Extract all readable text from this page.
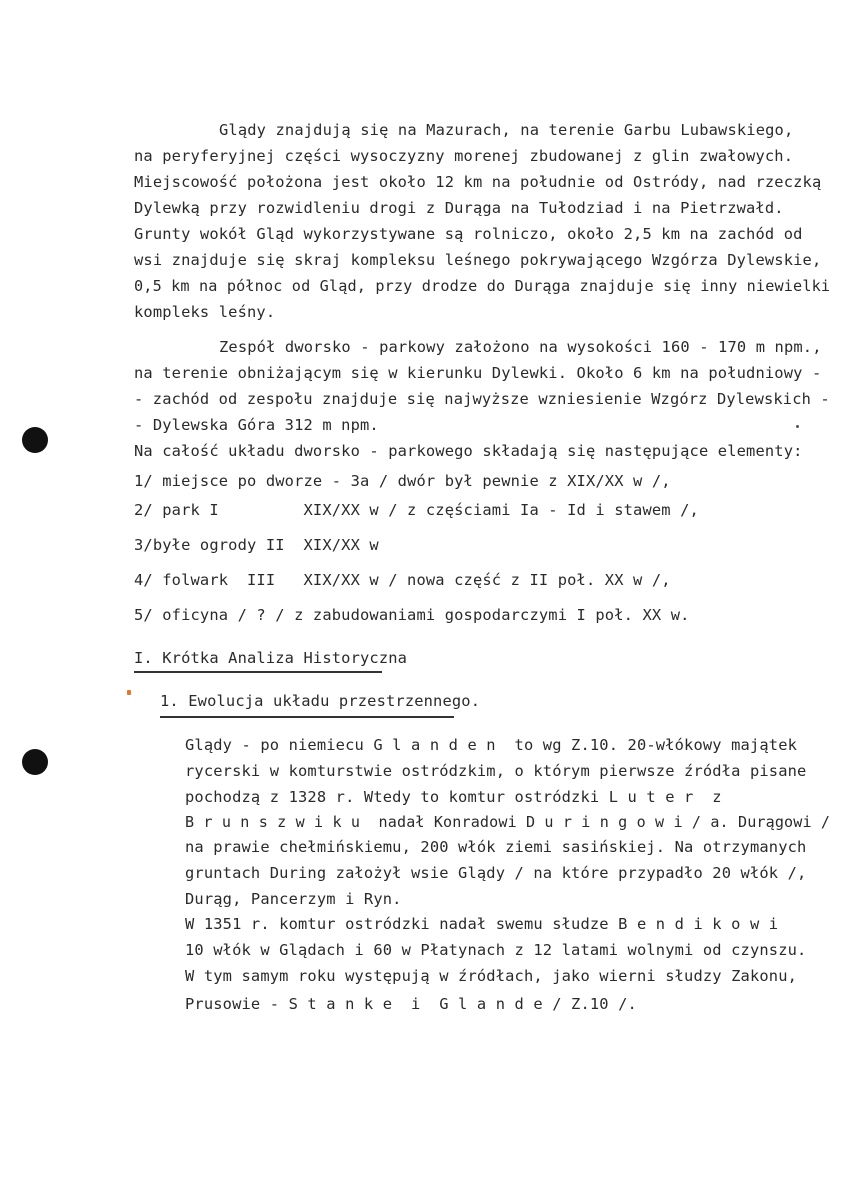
Glądy znajdują się na Mazurach, na terenie Garbu Lubawskiego,
na peryferyjnej części wysoczyzny morenej zbudowanej z glin zwałowych.
Miejscowość położona jest około 12 km na południe od Ostródy, nad rzeczką
Dylewką przy rozwidleniu drogi z Durąga na Tułodziad i na Pietrzwałd.
Grunty wokół Gląd wykorzystywane są rolniczo, około 2,5 km na zachód od
wsi znajduje się skraj kompleksu leśnego pokrywającego Wzgórza Dylewskie,
0,5 km na północ od Gląd, przy drodze do Durąga znajduje się inny niewielki
kompleks leśny.
Zespół dworsko - parkowy założono na wysokości 160 - 170 m npm.,
na terenie obniżającym się w kierunku Dylewki. Około 6 km na południowy -
- zachód od zespołu znajduje się najwyższe wzniesienie Wzgórz Dylewskich -
- Dylewska Góra 312 m npm.
Na całość układu dworsko - parkowego składają się następujące elementy:
1/ miejsce po dworze - 3a / dwór był pewnie z XIX/XX w /,
2/ park I         XIX/XX w / z częściami Ia - Id i stawem /,
3/byłe ogrody II  XIX/XX w
4/ folwark  III   XIX/XX w / nowa część z II poł. XX w /,
5/ oficyna / ? / z zabudowaniami gospodarczymi I poł. XX w.
I. Krótka Analiza Historyczna
1. Ewolucja układu przestrzennego.
Glądy - po niemiecu G l a n d e n  to wg Z.10. 20-włókowy majątek
rycerski w komturstwie ostródzkim, o którym pierwsze źródła pisane
pochodzą z 1328 r. Wtedy to komtur ostródzki L u t e r  z
B r u n s z w i k u  nadał Konradowi D u r i n g o w i / a. Durągowi /
na prawie chełmińskiemu, 200 włók ziemi sasińskiej. Na otrzymanych
gruntach During założył wsie Glądy / na które przypadło 20 włók /,
Durąg, Pancerzym i Ryn.
W 1351 r. komtur ostródzki nadał swemu słudze B e n d i k o w i
10 włók w Glądach i 60 w Płatynach z 12 latami wolnymi od czynszu.
W tym samym roku występują w źródłach, jako wierni słudzy Zakonu,
Prusowie - S t a n k e  i  G l a n d e / Z.10 /.
